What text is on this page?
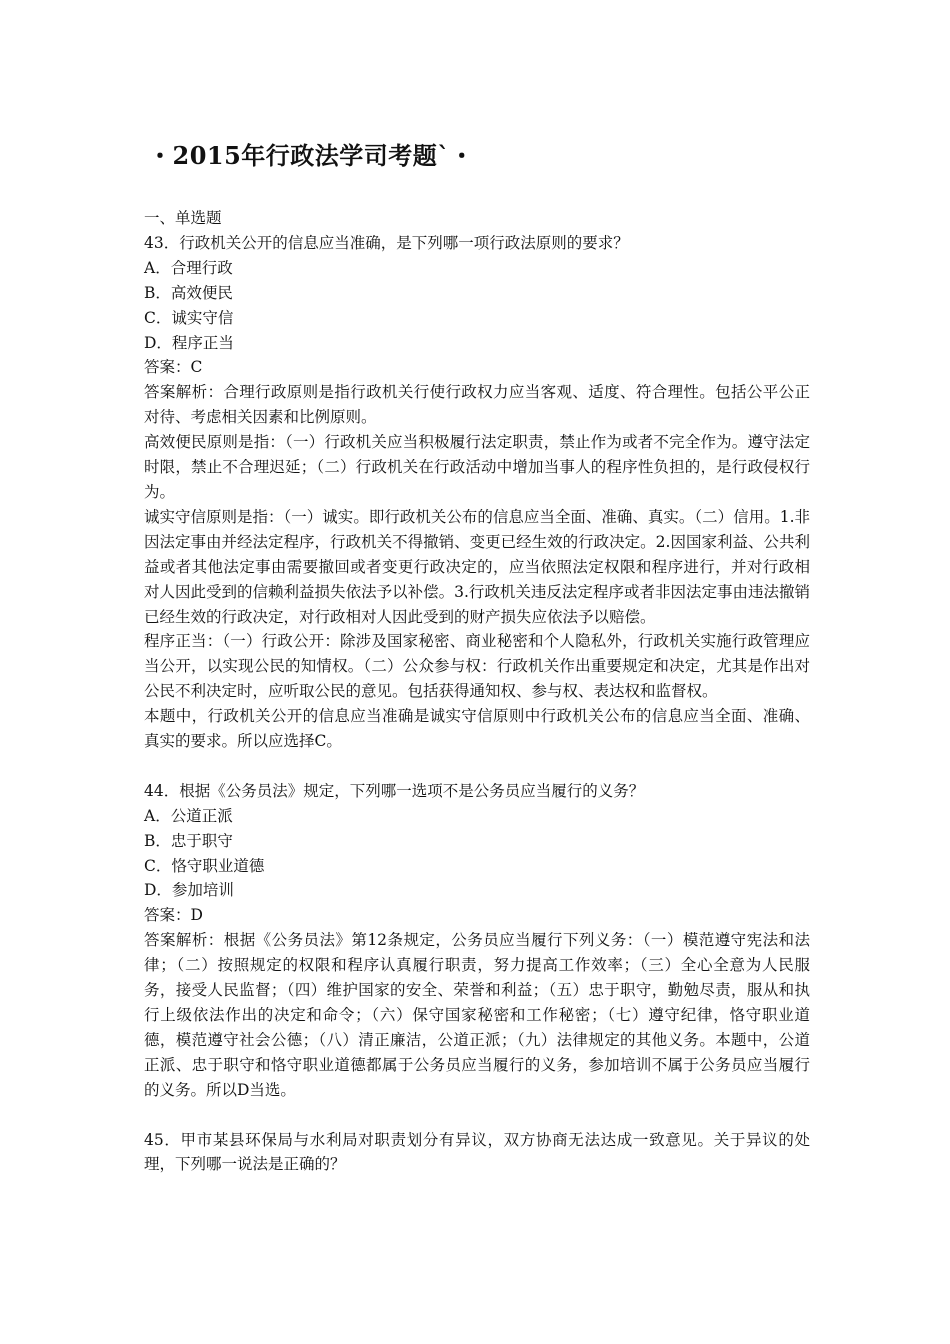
・2015年行政法学司考题`・
一、单选题
43．行政机关公开的信息应当准确，是下列哪一项行政法原则的要求？
A．合理行政
B．高效便民
C．诚实守信
D．程序正当
答案：C
答案解析：合理行政原则是指行政机关行使行政权力应当客观、适度、符合理性。包括公平公正对待、考虑相关因素和比例原则。
高效便民原则是指：（一）行政机关应当积极履行法定职责，禁止作为或者不完全作为。遵守法定时限，禁止不合理迟延；（二）行政机关在行政活动中增加当事人的程序性负担的，是行政侵权行为。
诚实守信原则是指：（一）诚实。即行政机关公布的信息应当全面、准确、真实。（二）信用。1.非因法定事由并经法定程序，行政机关不得撤销、变更已经生效的行政决定。2.因国家利益、公共利益或者其他法定事由需要撤回或者变更行政决定的，应当依照法定权限和程序进行，并对行政相对人因此受到的信赖利益损失依法予以补偿。3.行政机关违反法定程序或者非因法定事由违法撤销已经生效的行政决定，对行政相对人因此受到的财产损失应依法予以赔偿。
程序正当：（一）行政公开：除涉及国家秘密、商业秘密和个人隐私外，行政机关实施行政管理应当公开，以实现公民的知情权。（二）公众参与权：行政机关作出重要规定和决定，尤其是作出对公民不利决定时，应听取公民的意见。包括获得通知权、参与权、表达权和监督权。
本题中，行政机关公开的信息应当准确是诚实守信原则中行政机关公布的信息应当全面、准确、真实的要求。所以应选择C。
44．根据《公务员法》规定，下列哪一选项不是公务员应当履行的义务？
A．公道正派
B．忠于职守
C．恪守职业道德
D．参加培训
答案：D
答案解析：根据《公务员法》第12条规定，公务员应当履行下列义务：（一）模范遵守宪法和法律；（二）按照规定的权限和程序认真履行职责，努力提高工作效率；（三）全心全意为人民服务，接受人民监督；（四）维护国家的安全、荣誉和利益；（五）忠于职守，勤勉尽责，服从和执行上级依法作出的决定和命令；（六）保守国家秘密和工作秘密；（七）遵守纪律，恪守职业道德，模范遵守社会公德；（八）清正廉洁，公道正派；（九）法律规定的其他义务。本题中，公道正派、忠于职守和恪守职业道德都属于公务员应当履行的义务，参加培训不属于公务员应当履行的义务。所以D当选。
45．甲市某县环保局与水利局对职责划分有异议，双方协商无法达成一致意见。关于异议的处理，下列哪一说法是正确的？
